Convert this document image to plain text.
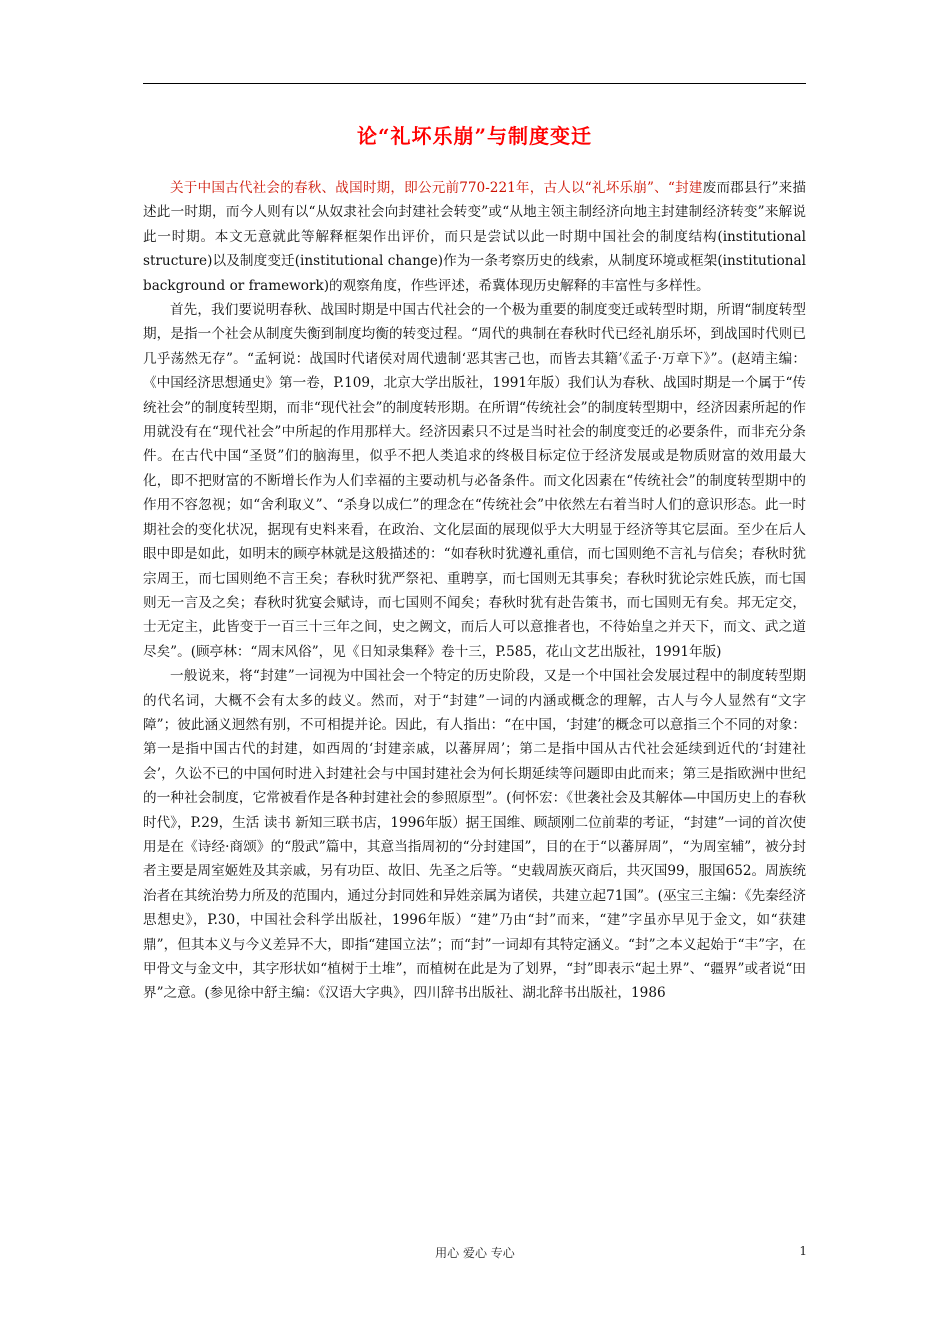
论“礼坏乐崩”与制度变迁

关于中国古代社会的春秋、战国时期，即公元前770-221年，古人以“礼坏乐崩”、“封建废而郡县行”来描述此一时期，而今人则有以“从奴隶社会向封建社会转变”或“从地主领主制经济向地主封建制经济转变”来解说此一时期。本文无意就此等解释框架作出评价，而只是尝试以此一时期中国社会的制度结构(institutional structure)以及制度变迁(institutional change)作为一条考察历史的线索，从制度环境或框架(institutional background or framework)的观察角度，作些评述，希冀体现历史解释的丰富性与多样性。

首先，我们要说明春秋、战国时期是中国古代社会的一个极为重要的制度变迁或转型时期，所谓“制度转型期，是指一个社会从制度失衡到制度均衡的转变过程。“周代的典制在春秋时代已经礼崩乐坏，到战国时代则已几乎荡然无存”。“孟轲说：战国时代诸侯对周代遗制‘恶其害己也，而皆去其籍’《孟子·万章下》”。(赵靖主编：《中国经济思想通史》第一卷，P.109，北京大学出版社，1991年版）我们认为春秋、战国时期是一个属于“传统社会”的制度转型期，而非“现代社会”的制度转形期。在所谓“传统社会”的制度转型期中，经济因素所起的作用就没有在“现代社会”中所起的作用那样大。经济因素只不过是当时社会的制度变迁的必要条件，而非充分条件。在古代中国“圣贤”们的脑海里，似乎不把人类追求的终极目标定位于经济发展或是物质财富的效用最大化，即不把财富的不断增长作为人们幸福的主要动机与必备条件。而文化因素在“传统社会”的制度转型期中的作用不容忽视；如“舍利取义”、“杀身以成仁”的理念在“传统社会”中依然左右着当时人们的意识形态。此一时期社会的变化状况，据现有史料来看，在政治、文化层面的展现似乎大大明显于经济等其它层面。至少在后人眼中即是如此，如明末的顾亭林就是这般描述的：“如春秋时犹遵礼重信，而七国则绝不言礼与信矣；春秋时犹宗周王，而七国则绝不言王矣；春秋时犹严祭祀、重聘享，而七国则无其事矣；春秋时犹论宗姓氏族，而七国则无一言及之矣；春秋时犹宴会赋诗，而七国则不闻矣；春秋时犹有赴告策书，而七国则无有矣。邦无定交，士无定主，此皆变于一百三十三年之间，史之阙文，而后人可以意推者也，不待始皇之并天下，而文、武之道尽矣”。(顾亭林：“周末风俗”，见《日知录集释》卷十三，P.585，花山文艺出版社，1991年版)

一般说来，将“封建”一词视为中国社会一个特定的历史阶段，又是一个中国社会发展过程中的制度转型期的代名词，大概不会有太多的歧义。然而，对于“封建”一词的内涵或概念的理解，古人与今人显然有“文字障”；彼此涵义迥然有别，不可相提并论。因此，有人指出：“在中国，‘封建’的概念可以意指三个不同的对象：第一是指中国古代的封建，如西周的‘封建亲戚，以蕃屏周’；第二是指中国从古代社会延续到近代的‘封建社会’，久讼不已的中国何时进入封建社会与中国封建社会为何长期延续等问题即由此而来；第三是指欧洲中世纪的一种社会制度，它常被看作是各种封建社会的参照原型”。(何怀宏：《世袭社会及其解体—中国历史上的春秋时代》，P.29，生活 读书 新知三联书店，1996年版）据王国维、顾颉刚二位前辈的考证，“封建”一词的首次使用是在《诗经·商颂》的“殷武”篇中，其意当指周初的“分封建国”，目的在于“以蕃屏周”，“为周室辅”，被分封者主要是周室姬姓及其亲戚，另有功臣、故旧、先圣之后等。“史载周族灭商后，共灭国99，服国652。周族统治者在其统治势力所及的范围内，通过分封同姓和异姓亲属为诸侯，共建立起71国”。(巫宝三主编：《先秦经济思想史》，P.30，中国社会科学出版社，1996年版）“建”乃由“封”而来，“建”字虽亦早见于金文，如“获建鼎”，但其本义与今义差异不大，即指“建国立法”；而“封”一词却有其特定涵义。“封”之本义起始于“丰”字，在甲骨文与金文中，其字形状如“植树于土堆”，而植树在此是为了划界，“封”即表示“起土界”、“疆界”或者说“田界”之意。(参见徐中舒主编：《汉语大字典》，四川辞书出版社、湖北辞书出版社，1986

用心 爱心 专心	1
